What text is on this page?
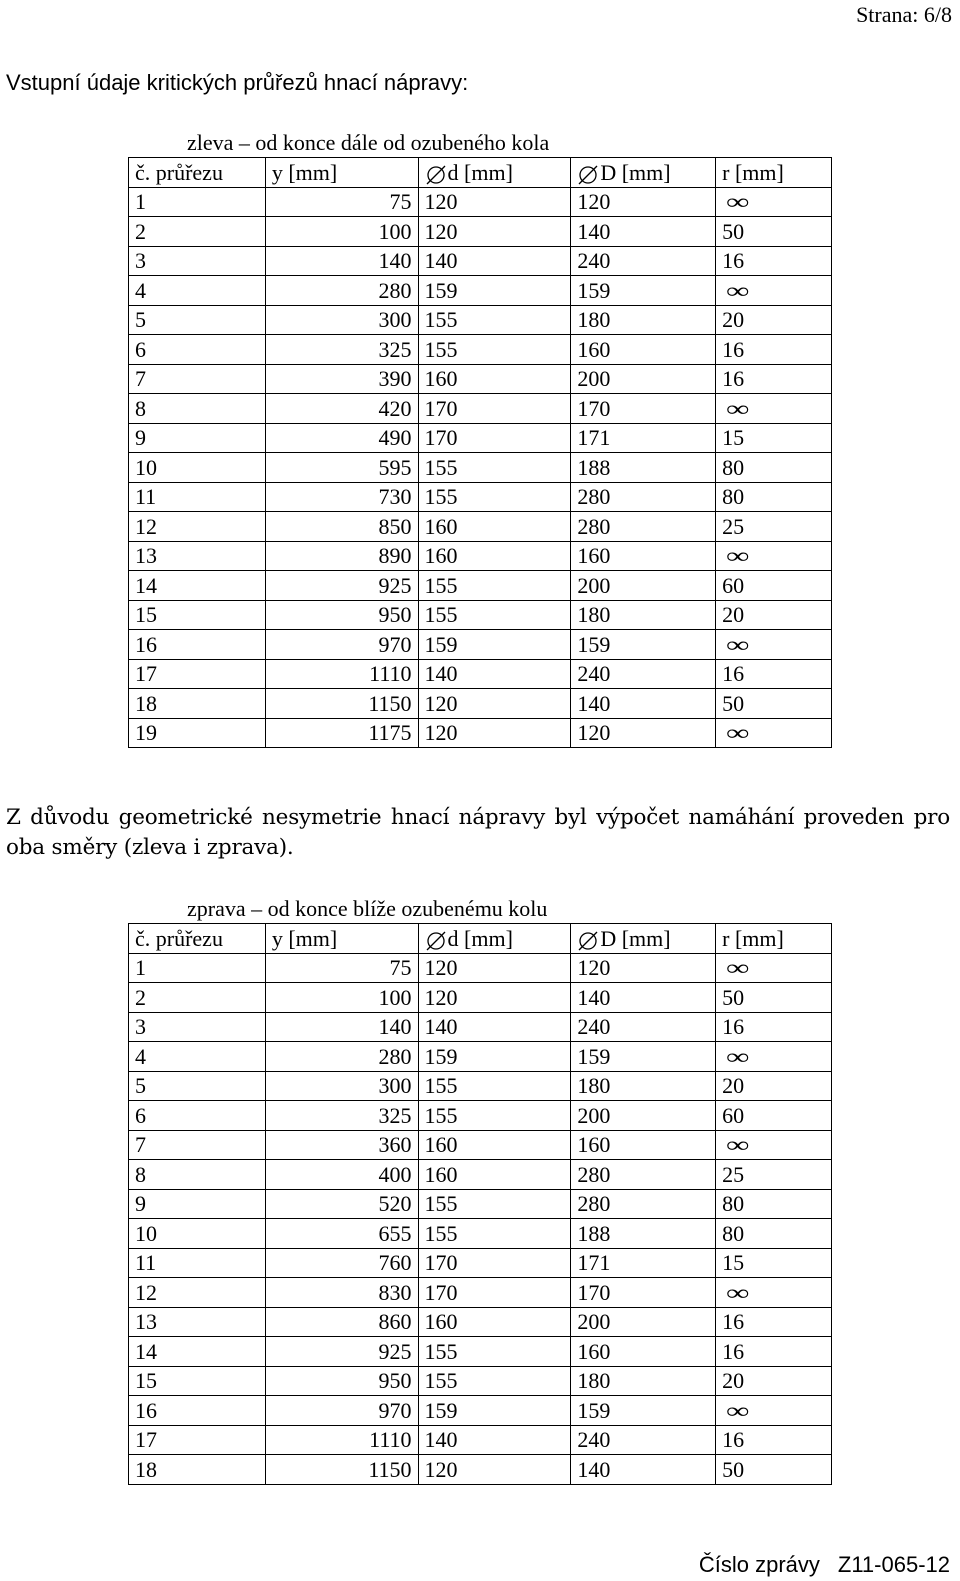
Strana: 6/8
Vstupní údaje kritických průřezů hnací nápravy:
zleva – od konce dále od ozubeného kola
č. průřezu	y [mm]	d [mm]	D [mm]	r [mm]
1	75	120	120	∞
2	100	120	140	50
3	140	140	240	16
4	280	159	159	∞
5	300	155	180	20
6	325	155	160	16
7	390	160	200	16
8	420	170	170	∞
9	490	170	171	15
10	595	155	188	80
11	730	155	280	80
12	850	160	280	25
13	890	160	160	∞
14	925	155	200	60
15	950	155	180	20
16	970	159	159	∞
17	1110	140	240	16
18	1150	120	140	50
19	1175	120	120	∞
Z důvodu geometrické nesymetrie hnací nápravy byl výpočet namáhání proveden pro oba směry (zleva i zprava).
zprava – od konce blíže ozubenému kolu
č. průřezu	y [mm]	d [mm]	D [mm]	r [mm]
1	75	120	120	∞
2	100	120	140	50
3	140	140	240	16
4	280	159	159	∞
5	300	155	180	20
6	325	155	200	60
7	360	160	160	∞
8	400	160	280	25
9	520	155	280	80
10	655	155	188	80
11	760	170	171	15
12	830	170	170	∞
13	860	160	200	16
14	925	155	160	16
15	950	155	180	20
16	970	159	159	∞
17	1110	140	240	16
18	1150	120	140	50
Číslo zprávy Z11-065-12
